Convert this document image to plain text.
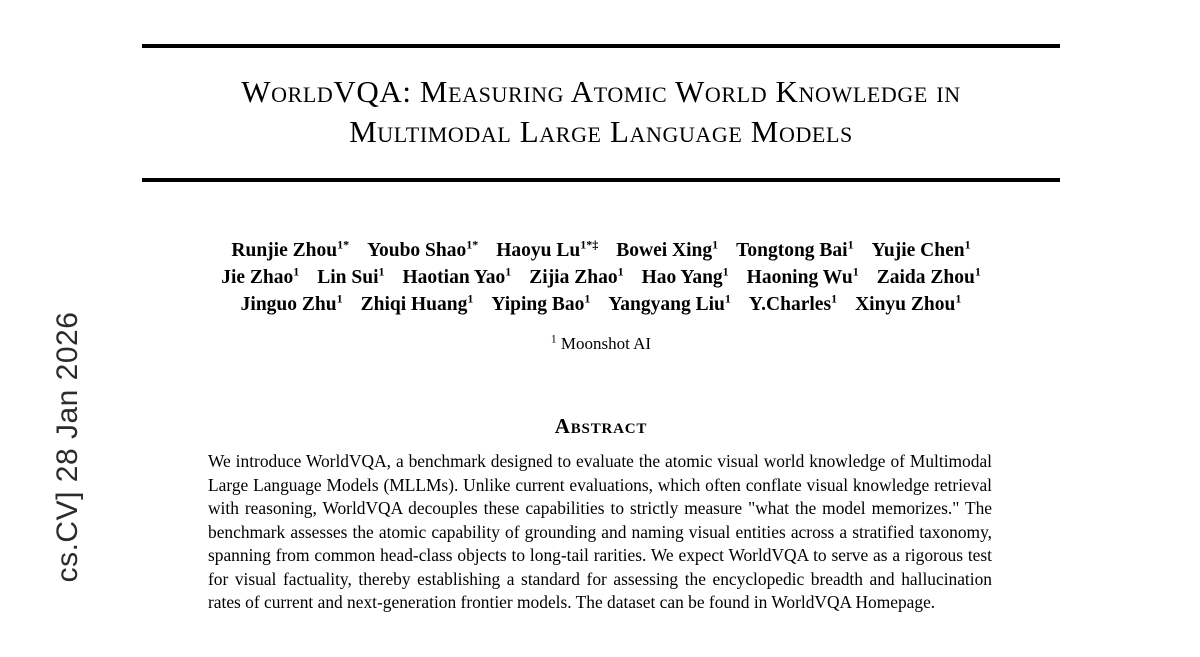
cs.CV] 28 Jan 2026
WorldVQA: Measuring Atomic World Knowledge in
Multimodal Large Language Models
Runjie Zhou$^{1*}$ Youbo Shao$^{1*}$ Haoyu $Lu^{1*\ddagger}$ Bowei Xing$^1$ Tongtong Bai$^1$ Yujie Chen$^1$
Jie Zhao$^1$ Lin Sui$^1$ Haotian Yao$^1$ Zijia Zhao$^1$ Hao Yang$^1$ Haoning Wu$^1$ Zaida Zhou$^1$
Jinguo Zhu$^1$ Zhiqi Huang$^1$ Yiping Bao$^1$ Yangyang Liu$^1$ Y.Charles$^1$ Xinyu Zhou$^1$
$^1$ Moonshot AI
Abstract
We introduce WorldVQA, a benchmark designed to evaluate the atomic visual world knowledge of Multimodal Large Language Models (MLLMs). Unlike current evaluations, which often conflate visual knowledge retrieval with reasoning, WorldVQA decouples these capabilities to strictly measure "what the model memorizes." The benchmark assesses the atomic capability of grounding and naming visual entities across a stratified taxonomy, spanning from common head-class objects to long-tail rarities. We expect WorldVQA to serve as a rigorous test for visual factuality, thereby establishing a standard for assessing the encyclopedic breadth and hallucination rates of current and next-generation frontier models. The dataset can be found in WorldVQA Homepage.
